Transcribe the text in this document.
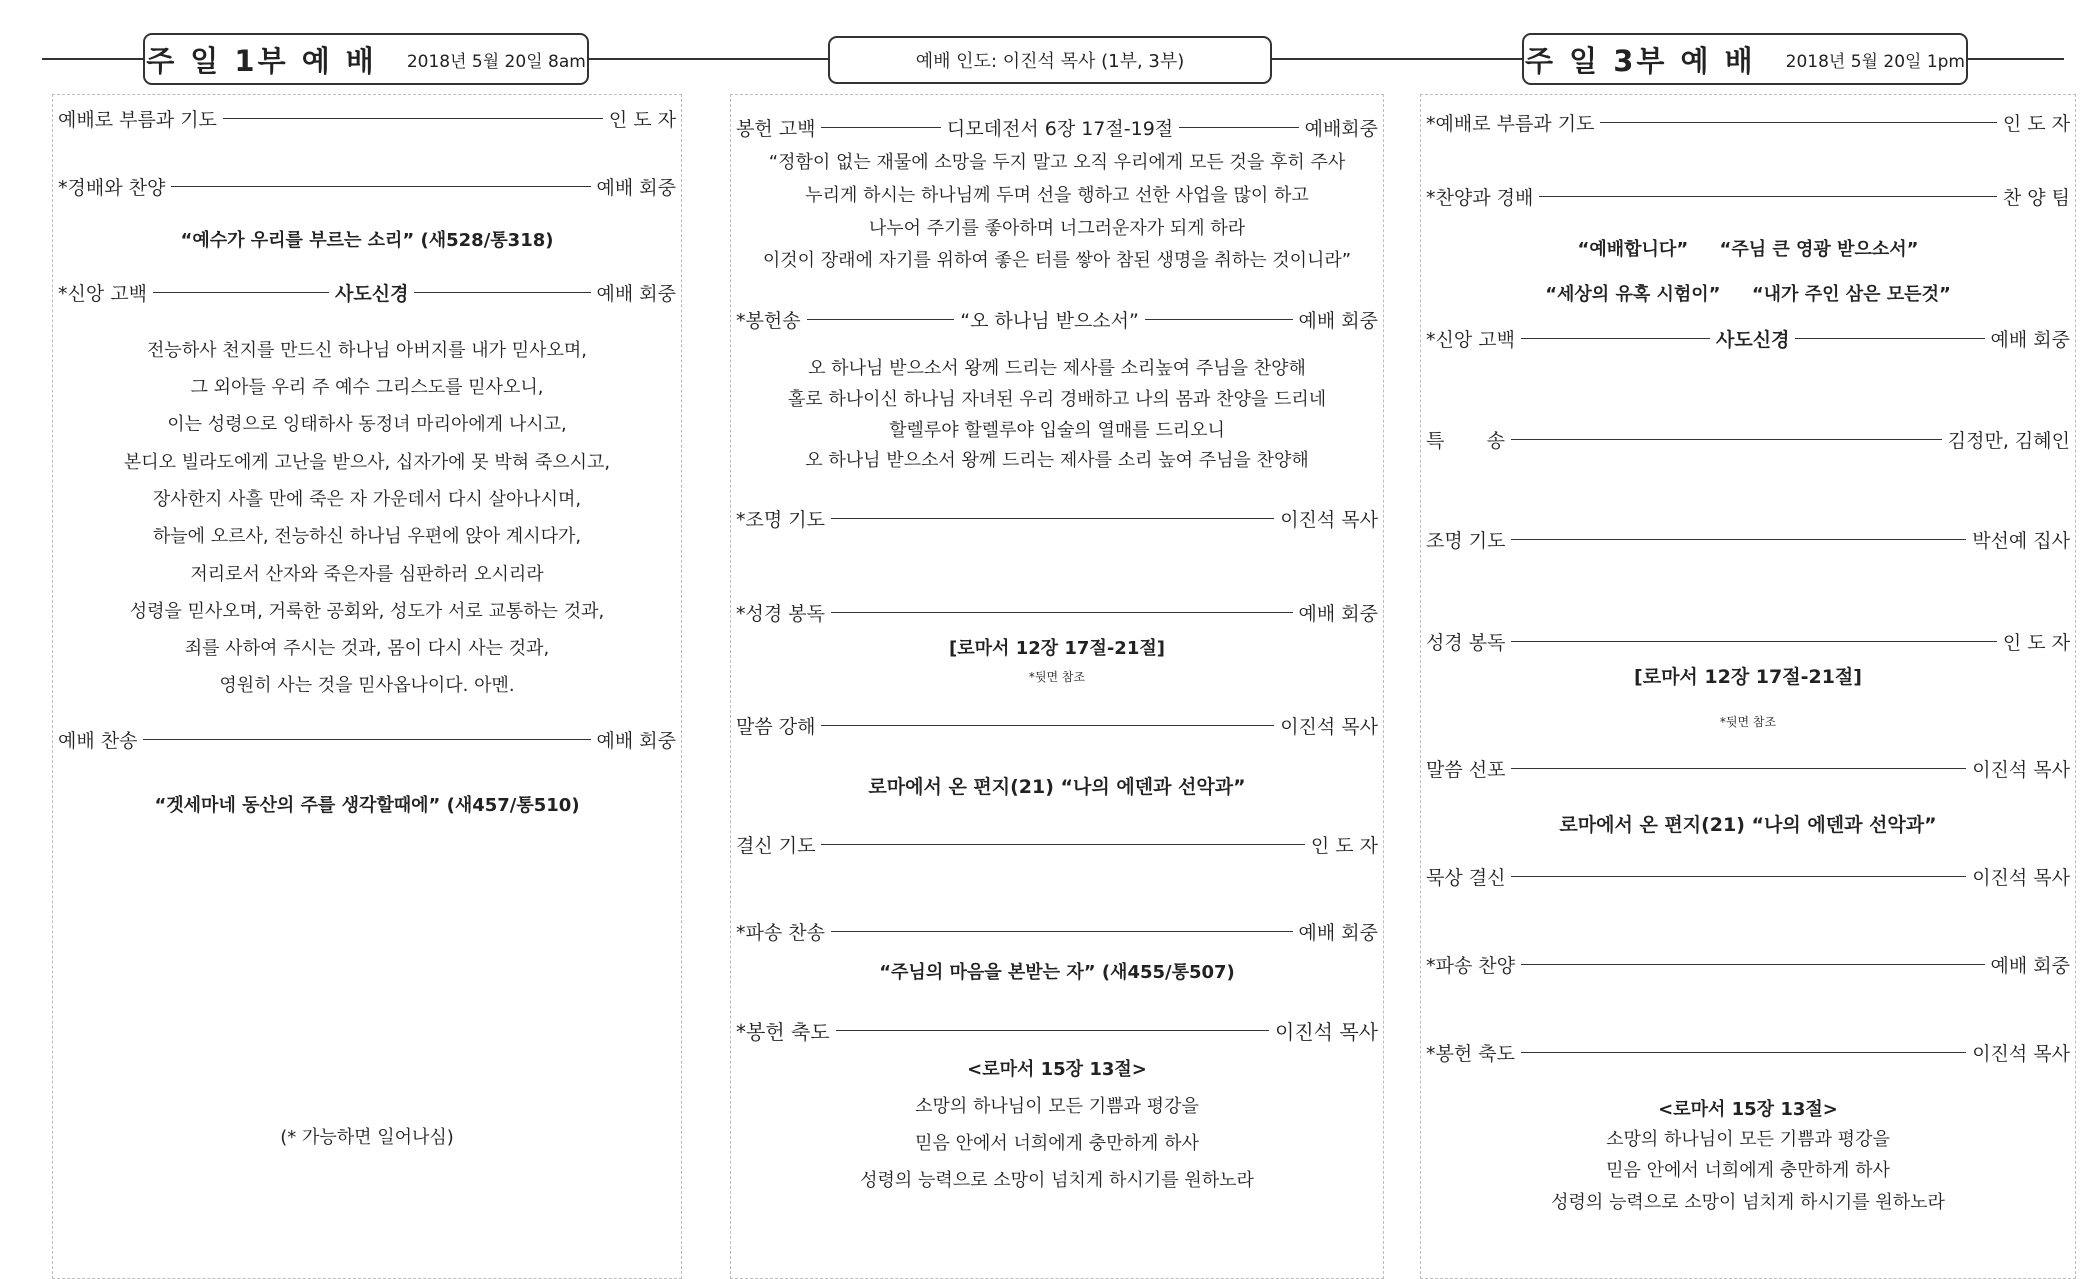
주 일 1부 예 배 2018년 5월 20일 8am	예배 인도: 이진석 목사 (1부, 3부)	주 일 3부 예 배 2018년 5월 20일 1pm
예배로 부름과 기도	인 도 자
*경배와 찬양	예배 회중
“예수가 우리를 부르는 소리” (새528/통318)
*신앙 고백	사도신경	예배 회중
전능하사 천지를 만드신 하나님 아버지를 내가 믿사오며,
그 외아들 우리 주 예수 그리스도를 믿사오니,
이는 성령으로 잉태하사 동정녀 마리아에게 나시고,
본디오 빌라도에게 고난을 받으사, 십자가에 못 박혀 죽으시고,
장사한지 사흘 만에 죽은 자 가운데서 다시 살아나시며,
하늘에 오르사, 전능하신 하나님 우편에 앉아 계시다가,
저리로서 산자와 죽은자를 심판하러 오시리라
성령을 믿사오며, 거룩한 공회와, 성도가 서로 교통하는 것과,
죄를 사하여 주시는 것과, 몸이 다시 사는 것과,
영원히 사는 것을 믿사옵나이다. 아멘.
예배 찬송	예배 회중
“겟세마네 동산의 주를 생각할때에” (새457/통510)
(* 가능하면 일어나심)
봉헌 고백	디모데전서 6장 17절-19절	예배회중
“정함이 없는 재물에 소망을 두지 말고 오직 우리에게 모든 것을 후히 주사
누리게 하시는 하나님께 두며 선을 행하고 선한 사업을 많이 하고
나누어 주기를 좋아하며 너그러운자가 되게 하라
이것이 장래에 자기를 위하여 좋은 터를 쌓아 참된 생명을 취하는 것이니라”
*봉헌송	“오 하나님 받으소서”	예배 회중
오 하나님 받으소서 왕께 드리는 제사를 소리높여 주님을 찬양해
홀로 하나이신 하나님 자녀된 우리 경배하고 나의 몸과 찬양을 드리네
할렐루야 할렐루야 입술의 열매를 드리오니
오 하나님 받으소서 왕께 드리는 제사를 소리 높여 주님을 찬양해
*조명 기도	이진석 목사
*성경 봉독	예배 회중
[로마서 12장 17절-21절]
*뒷면 참조
말씀 강해	이진석 목사
로마에서 온 편지(21) “나의 에덴과 선악과”
결신 기도	인 도 자
*파송 찬송	예배 회중
“주님의 마음을 본받는 자” (새455/통507)
*봉헌 축도	이진석 목사
<로마서 15장 13절>
소망의 하나님이 모든 기쁨과 평강을
믿음 안에서 너희에게 충만하게 하사
성령의 능력으로 소망이 넘치게 하시기를 원하노라
*예배로 부름과 기도	인 도 자
*찬양과 경배	찬 양 팀
“예배합니다”     “주님 큰 영광 받으소서”
“세상의 유혹 시험이”     “내가 주인 삼은 모든것”
*신앙 고백	사도신경	예배 회중
특       송	김정만, 김혜인
조명 기도	박선예 집사
성경 봉독	인 도 자
[로마서 12장 17절-21절]
*뒷면 참조
말씀 선포	이진석 목사
로마에서 온 편지(21) “나의 에덴과 선악과”
묵상 결신	이진석 목사
*파송 찬양	예배 회중
*봉헌 축도	이진석 목사
<로마서 15장 13절>
소망의 하나님이 모든 기쁨과 평강을
믿음 안에서 너희에게 충만하게 하사
성령의 능력으로 소망이 넘치게 하시기를 원하노라
